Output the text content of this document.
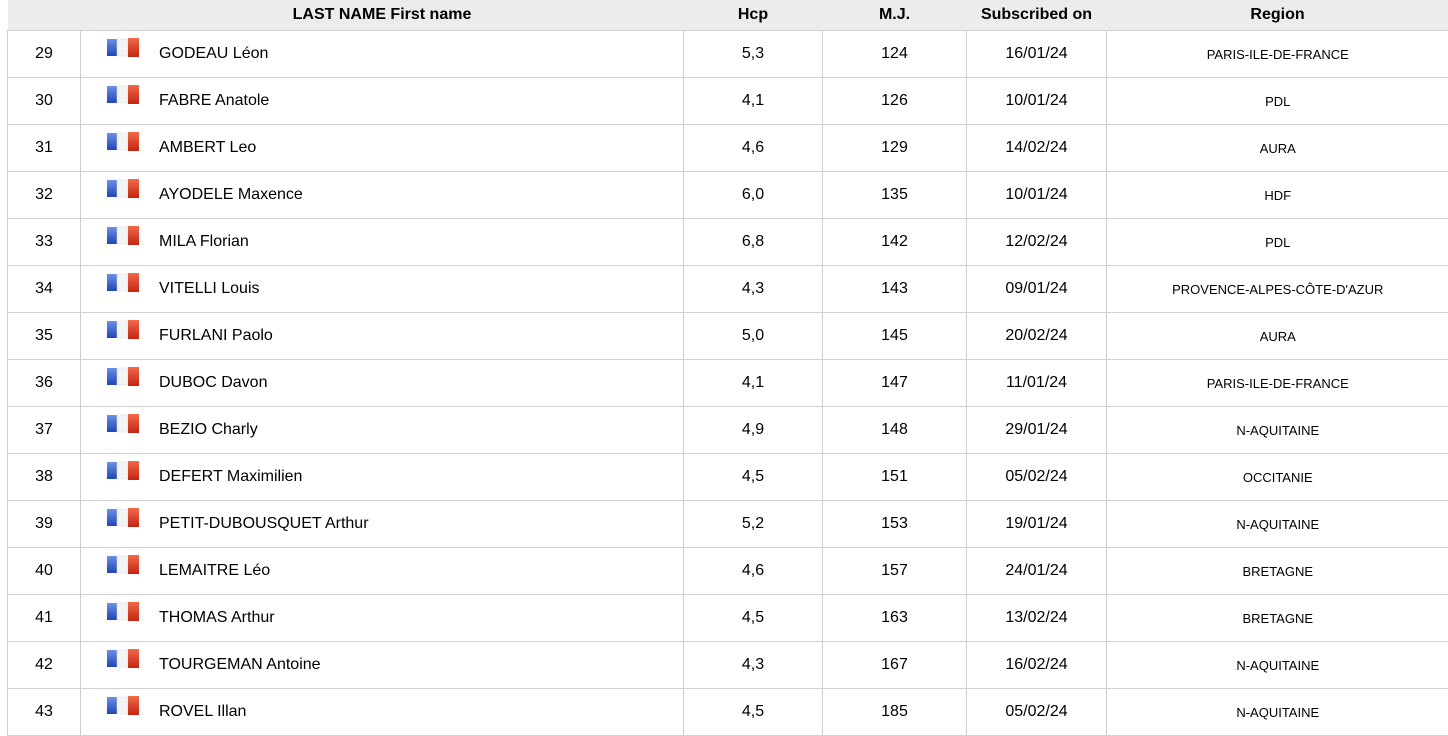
	LAST NAME First name	Hcp	M.J.	Subscribed on	Region
29	GODEAU Léon	5,3	124	16/01/24	PARIS-ILE-DE-FRANCE
30	FABRE Anatole	4,1	126	10/01/24	PDL
31	AMBERT Leo	4,6	129	14/02/24	AURA
32	AYODELE Maxence	6,0	135	10/01/24	HDF
33	MILA Florian	6,8	142	12/02/24	PDL
34	VITELLI Louis	4,3	143	09/01/24	PROVENCE-ALPES-CÔTE-D'AZUR
35	FURLANI Paolo	5,0	145	20/02/24	AURA
36	DUBOC Davon	4,1	147	11/01/24	PARIS-ILE-DE-FRANCE
37	BEZIO Charly	4,9	148	29/01/24	N-AQUITAINE
38	DEFERT Maximilien	4,5	151	05/02/24	OCCITANIE
39	PETIT-DUBOUSQUET Arthur	5,2	153	19/01/24	N-AQUITAINE
40	LEMAITRE Léo	4,6	157	24/01/24	BRETAGNE
41	THOMAS Arthur	4,5	163	13/02/24	BRETAGNE
42	TOURGEMAN Antoine	4,3	167	16/02/24	N-AQUITAINE
43	ROVEL Illan	4,5	185	05/02/24	N-AQUITAINE
